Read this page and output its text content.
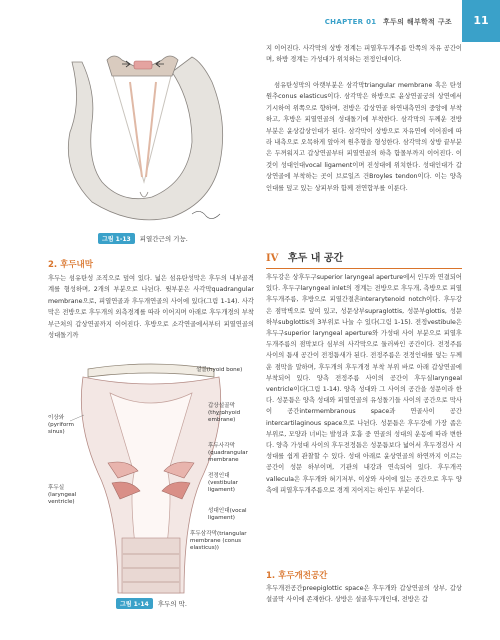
CHAPTER 01 후두의 해부학적 구조 11
그림 1-13	피열간근의 기능.
2. 후두내막

후두는 섬유탄성 조직으로 덮여 있다. 넓은 섬유탄성막은 후두의 내부골격계를 형성하며, 2개의 부분으로 나뉜다. 윗부분은 사각막quadrangular membrane으로, 피열연골과 후두개연골의 사이에 있다(그림 1-14). 사각막은 전방으로 후두개의 외측경계를 따라 이어지며 아래로 후두개경의 부착부근처의 갑상연골까지 이어진다. 후방으로 소각연골에서부터 피열연골의 성대돌기까

설골(hyoid bone)
갑상설골막 (thyrohyoid embrane)
후두사각막 (quadrangular membrane
이상와 (pyriform sinus)
전정인대 (vestibular ligament)
성대인대(vocal ligament)
후두실 (laryngeal ventricle)
후두삼각막(triangular membrane (conus elasticus))
그림 1-14	후두의 막.

지 이어진다. 사각막의 상방 경계는 피열후두개주름 안쪽의 자유 공간이며, 하방 경계는 가성대가 위치하는 전정인대이다.

섬유탄성막의 아랫부분은 삼각막triangular membrane 혹은 탄성원추conus elasticus이다. 삼각막은 하방으로 윤상연골궁의 상연에서 기시하여 위쪽으로 향하며, 전방은 갑상연골 하연내측연의 중앙에 부착하고, 후방은 피열연골의 성대돌기에 부착한다. 삼각막의 두께운 전방 부분은 윤상갑상인대가 된다. 삼각막이 상방으로 자유연에 이어짐에 따라 내측으로 오목하게 앞아져 원추형을 형성한다. 삼각막의 상방 끝부분은 두꺼워지고 갑상연골부터 피열연골의 하측 함몰부까지 이어진다. 이것이 성대인대vocal ligament이며 진성대에 위치한다. 성대인대가 갑상연골에 부착하는 곳이 브로일즈 건Broyles tendon이다. 이는 양측 인대를 덮고 있는 상피부와 함께 전연합부를 이룬다.

IV 후두 내 공간

후두강은 상후두구superior laryngeal aperture에서 인두와 연결되어 있다. 후두구laryngeal inlet의 경계는 전방으로 후두개, 측방으로 피열후두개주름, 후방으로 피열간절흔interarytenoid notch이다. 후두강은 점막벽으로 덮여 있고, 성문상부supraglottis, 성문부glottis, 성문하부subglottis의 3부위로 나눌 수 있다(그림 1-15). 전정vestibule은 후두구superior laryngeal aperture와 가성대 사이 부분으로 피열후두개주름의 점막보다 심부의 사각막으로 둘러싸인 공간이다. 전정주름 사이의 틈새 공간이 전정틈새가 된다. 전정주름은 전정인대를 덮는 두께운 점막을 말하며, 후두개의 후두개경 부착 부위 바로 아래 갑상연골에 부착되어 있다. 양측 전정주름 사이의 공간이 후두실laryngeal ventricle이다(그림 1-14). 양측 성대와 그 사이의 공간을 성문이라 한다. 성문틈은 양측 성대와 피열연골의 유성돌기들 사이의 공간으로 막사이 공간intermembranous space과 연골사이 공간intercartilaginous space으로 나뉜다. 성문틈은 후두강에 가장 좁은 부위로, 모양과 너비는 발성과 호흡 중 연골의 성대의 운동에 따라 변한다. 양측 가성대 사이의 후두전정틈은 성문틈보다 넓어서 후두경검사 시 성대를 쉽게 관찰할 수 있다. 성대 아래로 윤상연골의 하연까지 이르는 공간이 성문 하부이며, 기관의 내강과 연속되어 있다. 후두개곡vallecula은 후두개와 혀기저부, 이상와 사이에 있는 공간으로 후두 양측에 피열후두개주름으로 경계 지어지는 하인두 부분이다.

1. 후두개전공간

후두개전공간preepiglottic space은 후두개와 갑상연골의 상부, 갑상설골막 사이에 존재한다. 상방은 설골후두개인대, 전방은 갑
